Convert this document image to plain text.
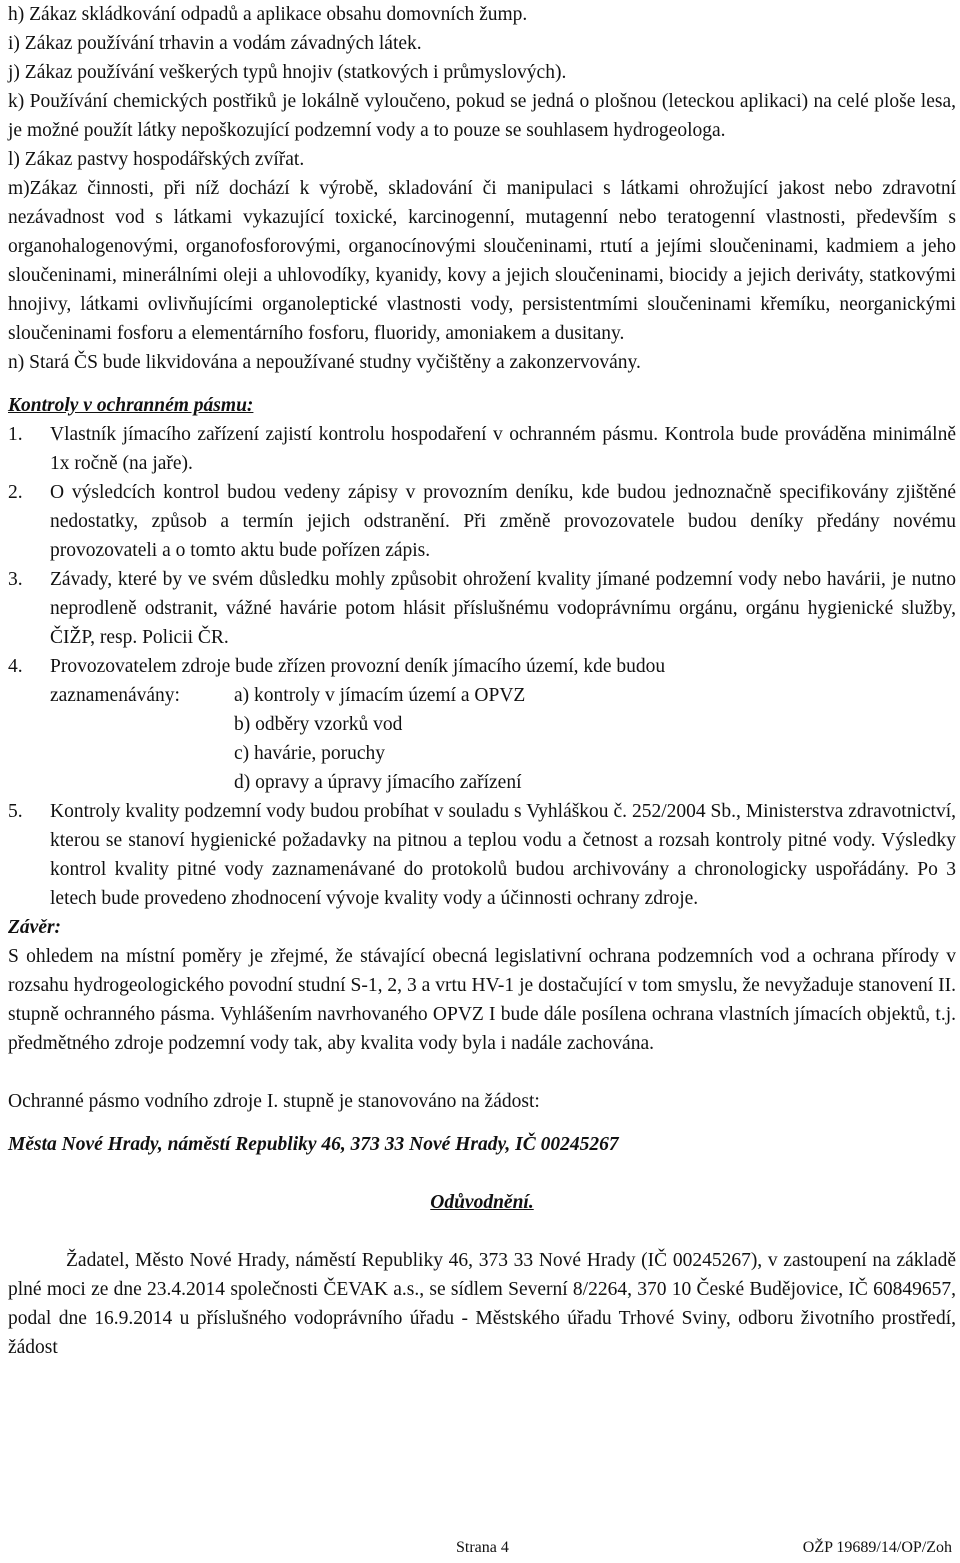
h) Zákaz skládkování odpadů a aplikace obsahu domovních žump.

i) Zákaz používání trhavin a vodám závadných látek.

j) Zákaz používání veškerých typů hnojiv (statkových i průmyslových).

k) Používání chemických postřiků je lokálně vyloučeno, pokud se jedná o plošnou (leteckou aplikaci) na celé ploše lesa, je možné použít látky nepoškozující podzemní vody a to pouze se souhlasem hydrogeologa.

l) Zákaz pastvy hospodářských zvířat.

m)Zákaz činnosti, při níž dochází k výrobě, skladování či manipulaci s látkami ohrožující jakost nebo zdravotní nezávadnost vod s látkami vykazující toxické, karcinogenní, mutagenní nebo teratogenní vlastnosti, především s organohalogenovými, organofosforovými, organocínovými sloučeninami, rtutí a jejími sloučeninami, kadmiem a jeho sloučeninami, minerálními oleji a uhlovodíky, kyanidy, kovy a jejich sloučeninami, biocidy a jejich deriváty, statkovými hnojivy, látkami ovlivňujícími organoleptické vlastnosti vody, persistentmími sloučeninami křemíku, neorganickými sloučeninami fosforu a elementárního fosforu, fluoridy, amoniakem a dusitany.

n) Stará ČS bude likvidována a nepoužívané studny vyčištěny a zakonzervovány.

Kontroly v ochranném pásmu:

1. Vlastník jímacího zařízení zajistí kontrolu hospodaření v ochranném pásmu. Kontrola bude prováděna minimálně 1x ročně (na jaře).
2. O výsledcích kontrol budou vedeny zápisy v provozním deníku, kde budou jednoznačně specifikovány zjištěné nedostatky, způsob a termín jejich odstranění. Při změně provozovatele budou deníky předány novému provozovateli a o tomto aktu bude pořízen zápis.
3. Závady, které by ve svém důsledku mohly způsobit ohrožení kvality jímané podzemní vody nebo havárii, je nutno neprodleně odstranit, vážné havárie potom hlásit příslušnému vodoprávnímu orgánu, orgánu hygienické služby, ČIŽP, resp. Policii ČR.
4. Provozovatelem zdroje bude zřízen provozní deník jímacího území, kde budou
zaznamenávány:	a) kontroly v jímacím území a OPVZ
b) odběry vzorků vod
c) havárie, poruchy
d) opravy a úpravy jímacího zařízení
5. Kontroly kvality podzemní vody budou probíhat v souladu s Vyhláškou č. 252/2004 Sb., Ministerstva zdravotnictví, kterou se stanoví hygienické požadavky na pitnou a teplou vodu a četnost a rozsah kontroly pitné vody. Výsledky kontrol kvality pitné vody zaznamenávané do protokolů budou archivovány a chronologicky uspořádány. Po 3 letech bude provedeno zhodnocení vývoje kvality vody a účinnosti ochrany zdroje.

Závěr:

S ohledem na místní poměry je zřejmé, že stávající obecná legislativní ochrana podzemních vod a ochrana přírody v rozsahu hydrogeologického povodní studní S-1, 2, 3 a vrtu HV-1 je dostačující v tom smyslu, že nevyžaduje stanovení II. stupně ochranného pásma. Vyhlášením navrhovaného OPVZ I bude dále posílena ochrana vlastních jímacích objektů, t.j. předmětného zdroje podzemní vody tak, aby kvalita vody byla i nadále zachována.

Ochranné pásmo vodního zdroje I. stupně je stanovováno na žádost:

Města Nové Hrady, náměstí Republiky 46, 373 33 Nové Hrady, IČ 00245267

Odůvodnění.

Žadatel, Město Nové Hrady, náměstí Republiky 46, 373 33 Nové Hrady (IČ 00245267), v zastoupení na základě plné moci ze dne 23.4.2014 společnosti ČEVAK a.s., se sídlem Severní 8/2264, 370 10 České Budějovice, IČ 60849657, podal dne 16.9.2014 u příslušného vodoprávního úřadu - Městského úřadu Trhové Sviny, odboru životního prostředí, žádost

Strana 4	OŽP 19689/14/OP/Zoh
